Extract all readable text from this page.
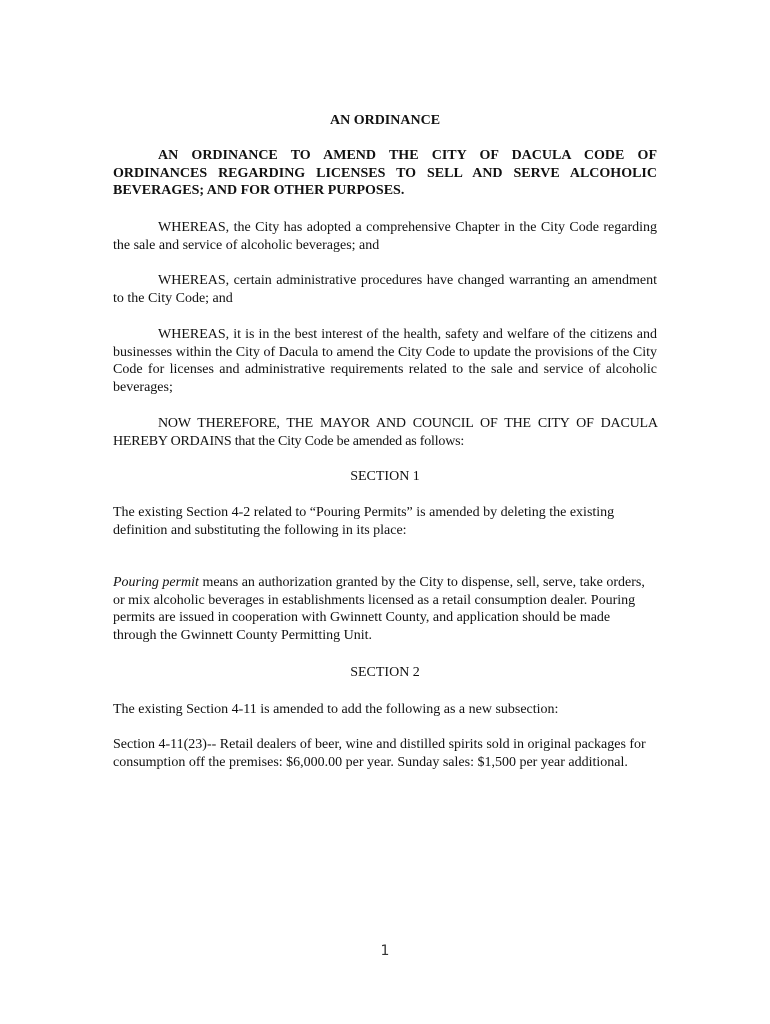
AN ORDINANCE

AN ORDINANCE TO AMEND THE CITY OF DACULA CODE OF ORDINANCES REGARDING LICENSES TO SELL AND SERVE ALCOHOLIC BEVERAGES; AND FOR OTHER PURPOSES.

WHEREAS, the City has adopted a comprehensive Chapter in the City Code regarding the sale and service of alcoholic beverages; and

WHEREAS, certain administrative procedures have changed warranting an amendment to the City Code; and

WHEREAS, it is in the best interest of the health, safety and welfare of the citizens and businesses within the City of Dacula to amend the City Code to update the provisions of the City Code for licenses and administrative requirements related to the sale and service of alcoholic beverages;

NOW THEREFORE, THE MAYOR AND COUNCIL OF THE CITY OF DACULA HEREBY ORDAINS that the City Code be amended as follows:

SECTION 1

The existing Section 4-2 related to “Pouring Permits” is amended by deleting the existing definition and substituting the following in its place:

Pouring permit means an authorization granted by the City to dispense, sell, serve, take orders, or mix alcoholic beverages in establishments licensed as a retail consumption dealer. Pouring permits are issued in cooperation with Gwinnett County, and application should be made through the Gwinnett County Permitting Unit.

SECTION 2

The existing Section 4-11 is amended to add the following as a new subsection:

Section 4-11(23)-- Retail dealers of beer, wine and distilled spirits sold in original packages for consumption off the premises: $6,000.00 per year. Sunday sales: $1,500 per year additional.

1
